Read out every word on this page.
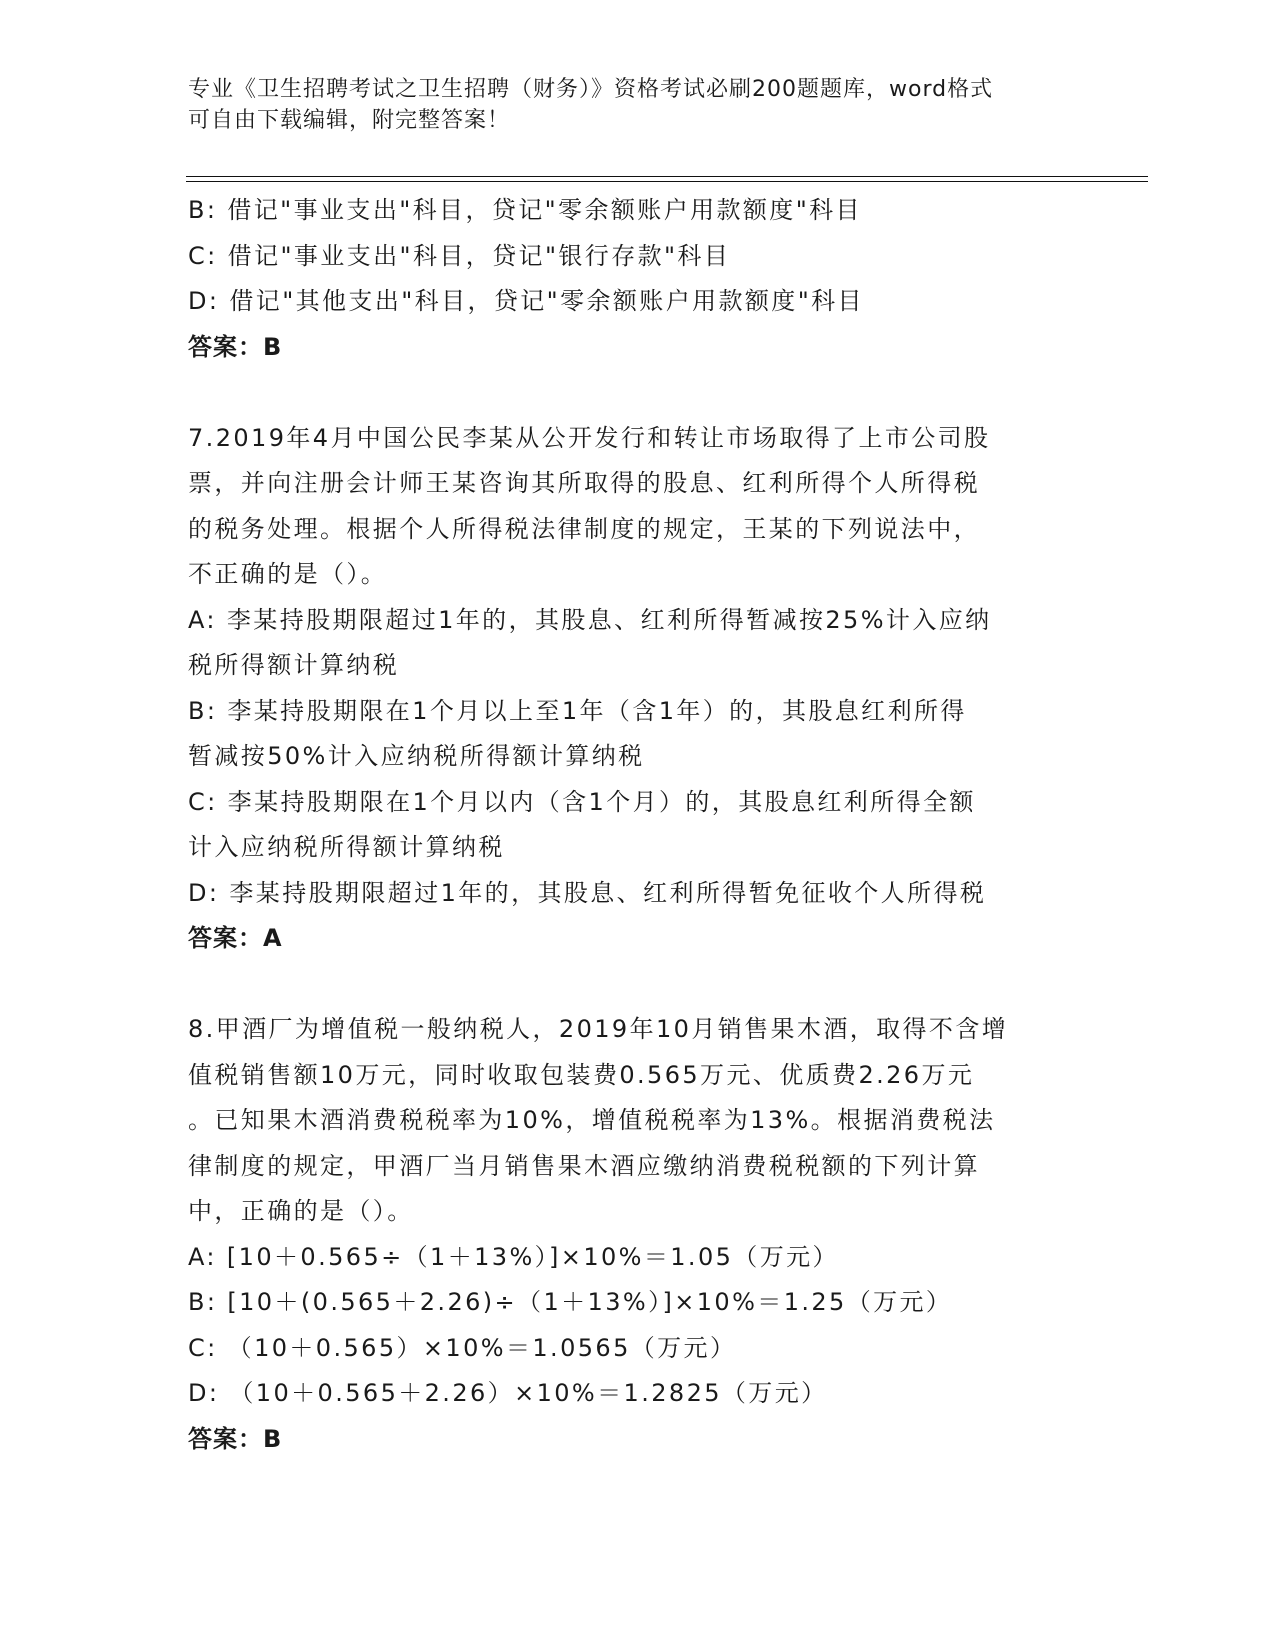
专业《卫生招聘考试之卫生招聘（财务）》资格考试必刷200题题库，word格式
可自由下载编辑，附完整答案！
B: 借记"事业支出"科目，贷记"零余额账户用款额度"科目
C: 借记"事业支出"科目，贷记"银行存款"科目
D: 借记"其他支出"科目，贷记"零余额账户用款额度"科目
答案：B
7.2019年4月中国公民李某从公开发行和转让市场取得了上市公司股
票，并向注册会计师王某咨询其所取得的股息、红利所得个人所得税
的税务处理。根据个人所得税法律制度的规定，王某的下列说法中，
不正确的是（）。
A: 李某持股期限超过1年的，其股息、红利所得暂减按25%计入应纳
税所得额计算纳税
B: 李某持股期限在1个月以上至1年（含1年）的，其股息红利所得
暂减按50%计入应纳税所得额计算纳税
C: 李某持股期限在1个月以内（含1个月）的，其股息红利所得全额
计入应纳税所得额计算纳税
D: 李某持股期限超过1年的，其股息、红利所得暂免征收个人所得税
答案：A
8.甲酒厂为增值税一般纳税人，2019年10月销售果木酒，取得不含增
值税销售额10万元，同时收取包装费0.565万元、优质费2.26万元
。已知果木酒消费税税率为10%，增值税税率为13%。根据消费税法
律制度的规定，甲酒厂当月销售果木酒应缴纳消费税税额的下列计算
中，正确的是（）。
A: [10＋0.565÷（1＋13%）]×10%＝1.05（万元）
B: [10＋(0.565＋2.26)÷（1＋13%）]×10%＝1.25（万元）
C: （10＋0.565）×10%＝1.0565（万元）
D: （10＋0.565＋2.26）×10%＝1.2825（万元）
答案：B
